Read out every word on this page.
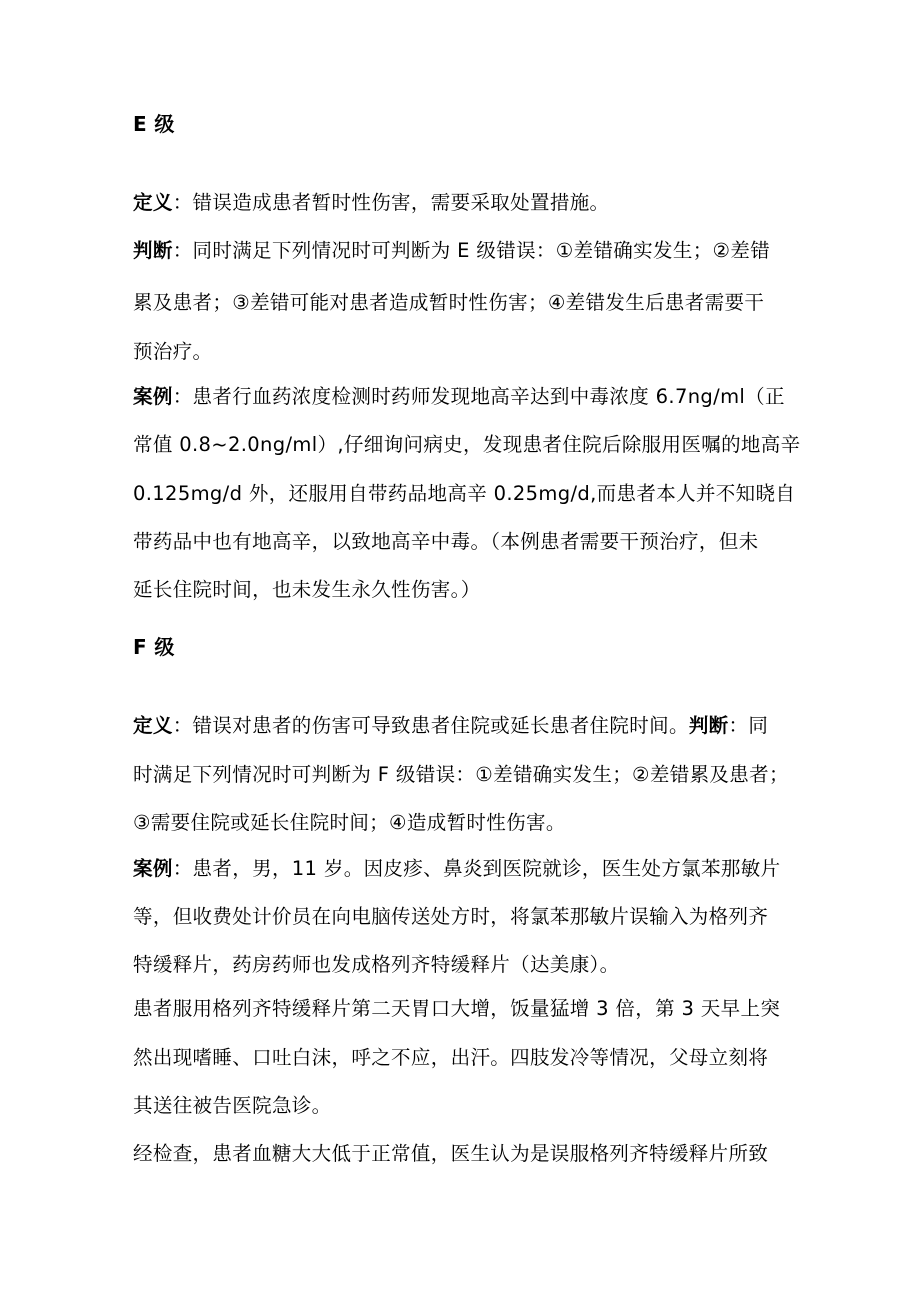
E 级
定义：错误造成患者暂时性伤害，需要采取处置措施。
判断：同时满足下列情况时可判断为 E 级错误：①差错确实发生；②差错
累及患者；③差错可能对患者造成暂时性伤害；④差错发生后患者需要干
预治疗。
案例：患者行血药浓度检测时药师发现地高辛达到中毒浓度 6.7ng/ml（正
常值 0.8~2.0ng/ml）,仔细询问病史，发现患者住院后除服用医嘱的地高辛
0.125mg/d 外，还服用自带药品地高辛 0.25mg/d,而患者本人并不知晓自
带药品中也有地高辛，以致地高辛中毒。（本例患者需要干预治疗，但未
延长住院时间，也未发生永久性伤害。）
F 级
定义：错误对患者的伤害可导致患者住院或延长患者住院时间。判断：同
时满足下列情况时可判断为 F 级错误：①差错确实发生；②差错累及患者；
③需要住院或延长住院时间；④造成暂时性伤害。
案例：患者，男，11 岁。因皮疹、鼻炎到医院就诊，医生处方氯苯那敏片
等，但收费处计价员在向电脑传送处方时，将氯苯那敏片误输入为格列齐
特缓释片，药房药师也发成格列齐特缓释片（达美康）。
患者服用格列齐特缓释片第二天胃口大增，饭量猛增 3 倍，第 3 天早上突
然出现嗜睡、口吐白沫，呼之不应，出汗。四肢发冷等情况，父母立刻将
其送往被告医院急诊。
经检查，患者血糖大大低于正常值，医生认为是误服格列齐特缓释片所致
